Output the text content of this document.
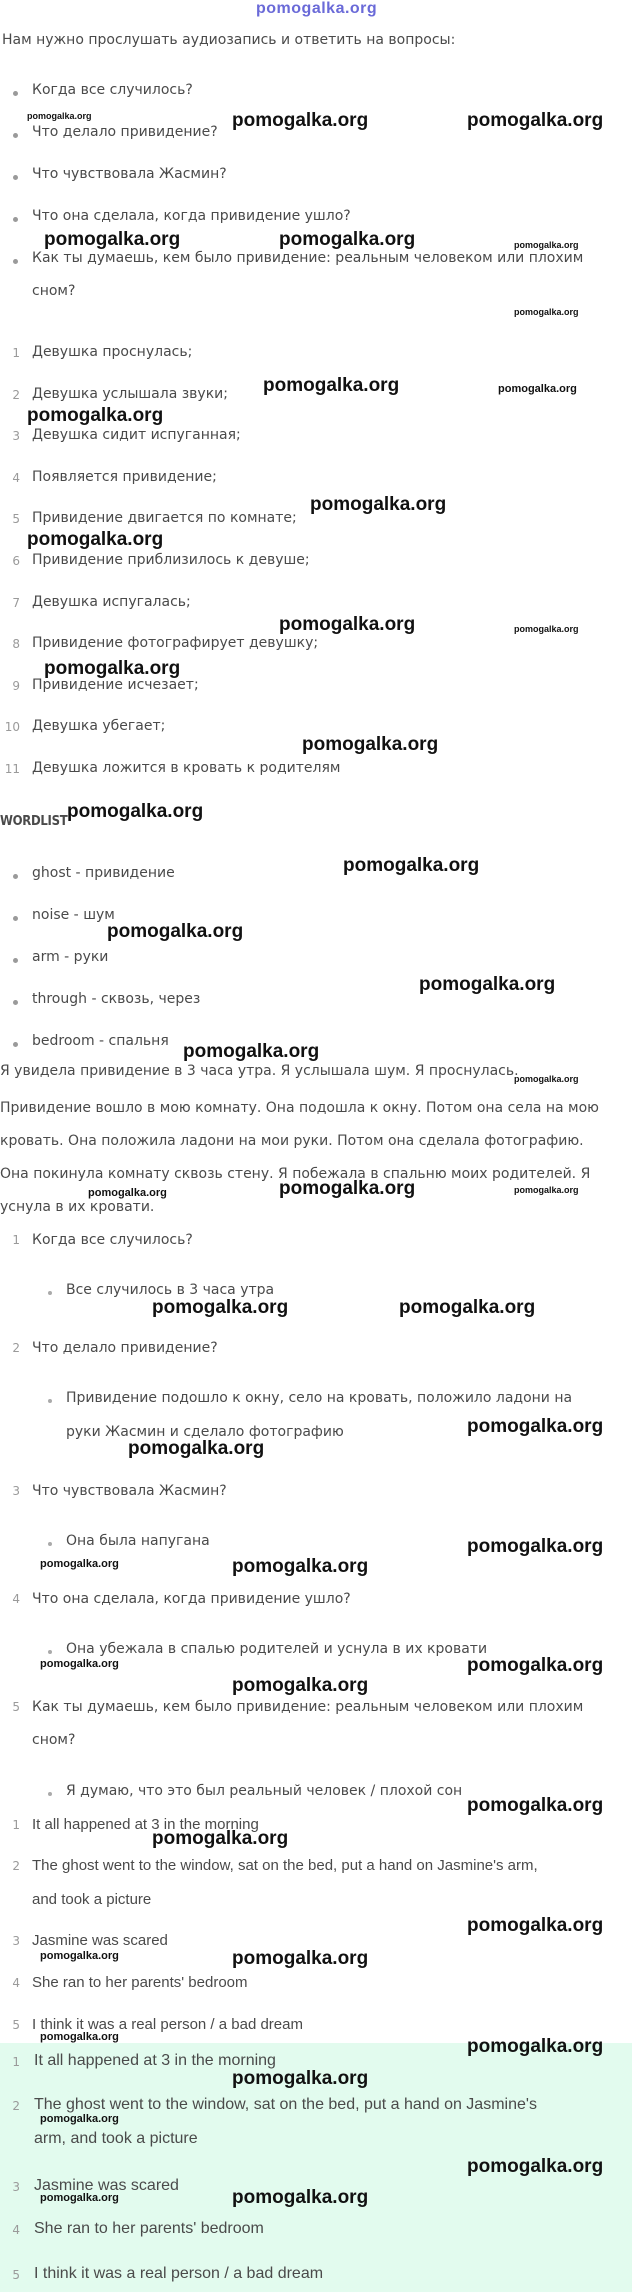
pomogalka.org
Нам нужно прослушать аудиозапись и ответить на вопросы:
Когда все случилось?
Что делало привидение?
Что чувствовала Жасмин?
Что она сделала, когда привидение ушло?
Как ты думаешь, кем было привидение: реальным человеком или плохим
сном?
1 Девушка проснулась;
2 Девушка услышала звуки;
3 Девушка сидит испуганная;
4 Появляется привидение;
5 Привидение двигается по комнате;
6 Привидение приблизилось к девуше;
7 Девушка испугалась;
8 Привидение фотографирует девушку;
9 Привидение исчезает;
10 Девушка убегает;
11 Девушка ложится в кровать к родителям
WORDLIST
ghost - привидение
noise - шум
arm - руки
through - сквозь, через
bedroom - спальня
Я увидела привидение в 3 часа утра. Я услышала шум. Я проснулась.
Привидение вошло в мою комнату. Она подошла к окну. Потом она села на мою
кровать. Она положила ладони на мои руки. Потом она сделала фотографию.
Она покинула комнату сквозь стену. Я побежала в спальню моих родителей. Я
уснула в их кровати.
1 Когда все случилось?
Все случилось в 3 часа утра
2 Что делало привидение?
Привидение подошло к окну, село на кровать, положило ладони на
руки Жасмин и сделало фотографию
3 Что чувствовала Жасмин?
Она была напугана
4 Что она сделала, когда привидение ушло?
Она убежала в спалью родителей и уснула в их кровати
5 Как ты думаешь, кем было привидение: реальным человеком или плохим
сном?
Я думаю, что это был реальный человек / плохой сон
1 It all happened at 3 in the morning
2 The ghost went to the window, sat on the bed, put a hand on Jasmine's arm,
and took a picture
3 Jasmine was scared
4 She ran to her parents' bedroom
5 I think it was a real person / a bad dream
1 It all happened at 3 in the morning
2 The ghost went to the window, sat on the bed, put a hand on Jasmine's
arm, and took a picture
3 Jasmine was scared
4 She ran to her parents' bedroom
5 I think it was a real person / a bad dream
pomogalka.org	pomogalka.org	pomogalka.org
pomogalka.org	pomogalka.org	pomogalka.org
pomogalka.org
pomogalka.org	pomogalka.org
pomogalka.org
pomogalka.org
pomogalka.org
pomogalka.org	pomogalka.org
pomogalka.org
pomogalka.org
pomogalka.org
pomogalka.org
pomogalka.org
pomogalka.org
pomogalka.org
pomogalka.org
pomogalka.org	pomogalka.org	pomogalka.org
pomogalka.org	pomogalka.org
pomogalka.org
pomogalka.org
pomogalka.org
pomogalka.org	pomogalka.org
pomogalka.org
pomogalka.org
pomogalka.org
pomogalka.org
pomogalka.org
pomogalka.org
pomogalka.org	pomogalka.org
pomogalka.org	pomogalka.org
pomogalka.org
pomogalka.org
pomogalka.org
pomogalka.org	pomogalka.org
